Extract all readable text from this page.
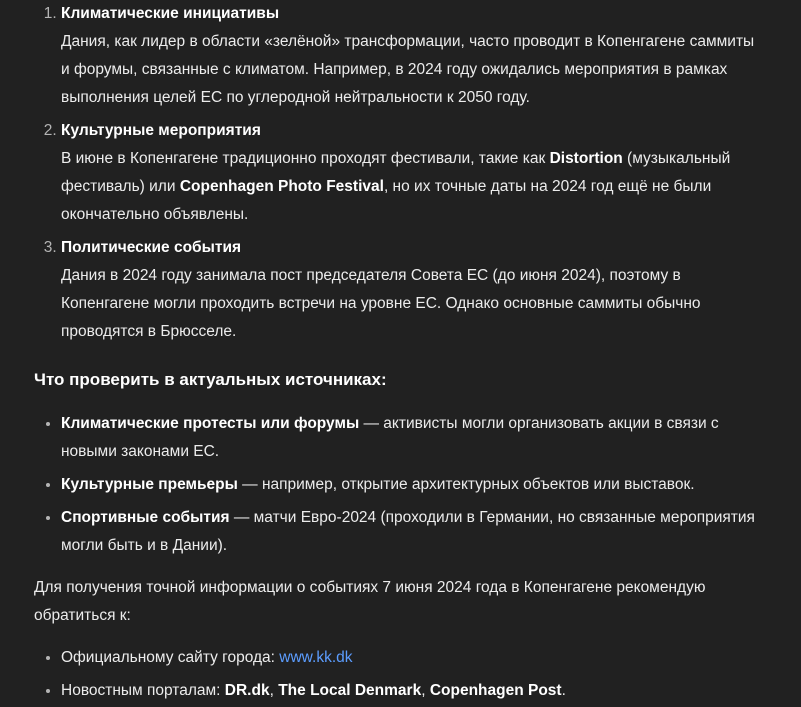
1. Климатические инициативы
Дания, как лидер в области «зелёной» трансформации, часто проводит в Копенгагене саммиты и форумы, связанные с климатом. Например, в 2024 году ожидались мероприятия в рамках выполнения целей ЕС по углеродной нейтральности к 2050 году.
2. Культурные мероприятия
В июне в Копенгагене традиционно проходят фестивали, такие как Distortion (музыкальный фестиваль) или Copenhagen Photo Festival, но их точные даты на 2024 год ещё не были окончательно объявлены.
3. Политические события
Дания в 2024 году занимала пост председателя Совета ЕС (до июня 2024), поэтому в Копенгагене могли проходить встречи на уровне ЕС. Однако основные саммиты обычно проводятся в Брюсселе.
Что проверить в актуальных источниках:
• Климатические протесты или форумы — активисты могли организовать акции в связи с новыми законами ЕС.
• Культурные премьеры — например, открытие архитектурных объектов или выставок.
• Спортивные события — матчи Евро-2024 (проходили в Германии, но связанные мероприятия могли быть и в Дании).

Для получения точной информации о событиях 7 июня 2024 года в Копенгагене рекомендую обратиться к:

• Официальному сайту города: www.kk.dk
• Новостным порталам: DR.dk, The Local Denmark, Copenhagen Post.
